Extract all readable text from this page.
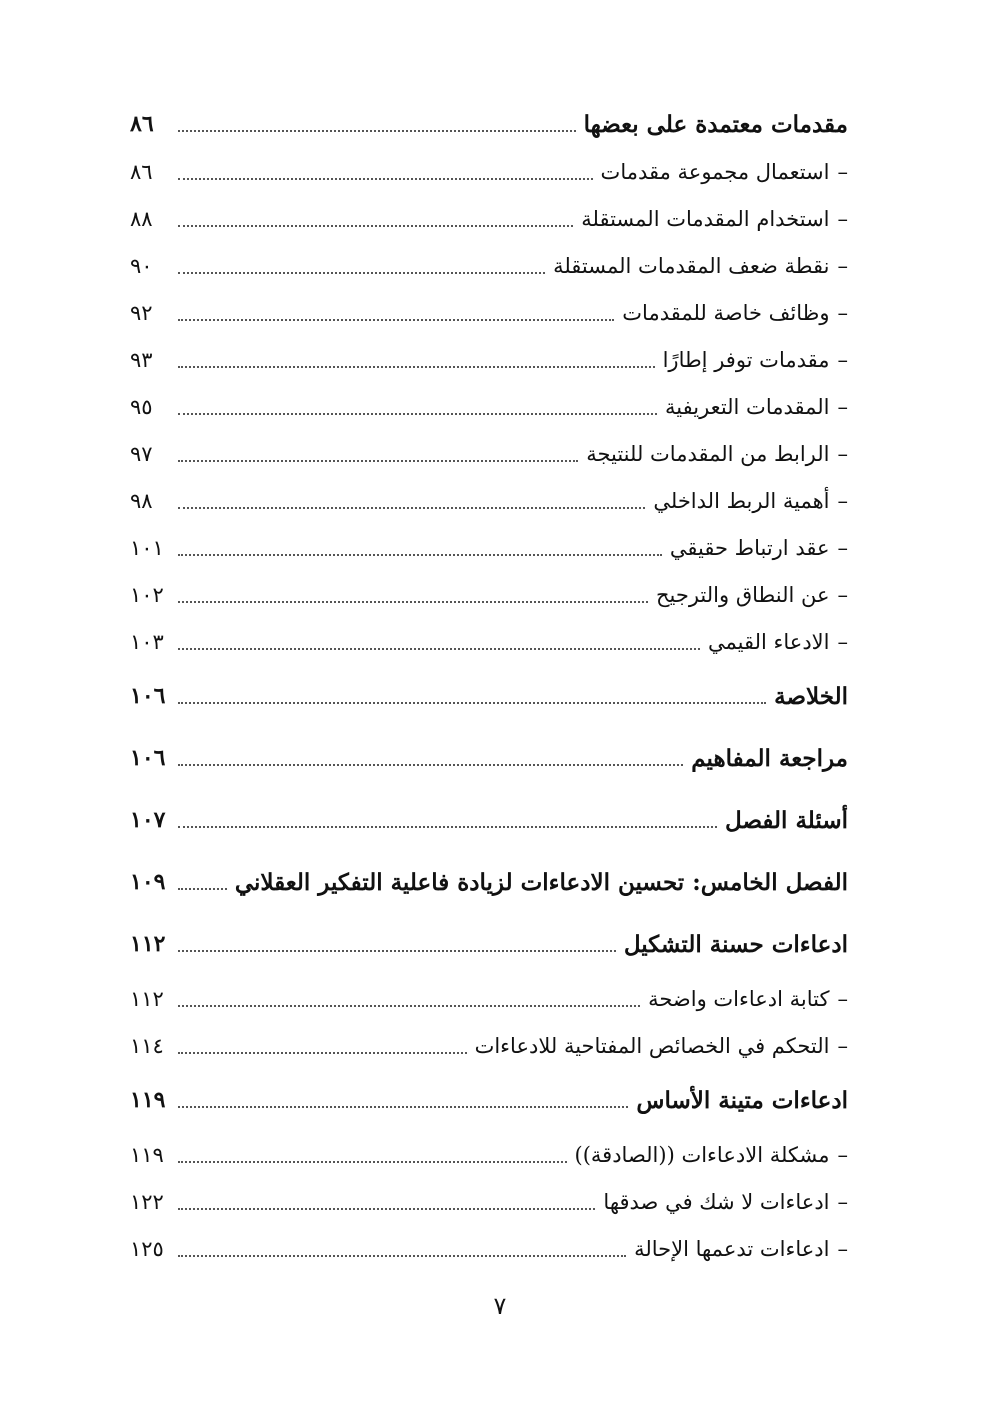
مقدمات معتمدة على بعضها
٨٦
–استعمال مجموعة مقدمات
٨٦
–استخدام المقدمات المستقلة
٨٨
–نقطة ضعف المقدمات المستقلة
٩٠
–وظائف خاصة للمقدمات
٩٢
–مقدمات توفر إطارًا
٩٣
–المقدمات التعريفية
٩٥
–الرابط من المقدمات للنتيجة
٩٧
–أهمية الربط الداخلي
٩٨
–عقد ارتباط حقيقي
١٠١
–عن النطاق والترجيح
١٠٢
–الادعاء القيمي
١٠٣
الخلاصة
١٠٦
مراجعة المفاهيم
١٠٦
أسئلة الفصل
١٠٧
الفصل الخامس: تحسين الادعاءات لزيادة فاعلية التفكير العقلاني
١٠٩
ادعاءات حسنة التشكيل
١١٢
–كتابة ادعاءات واضحة
١١٢
–التحكم في الخصائص المفتاحية للادعاءات
١١٤
ادعاءات متينة الأساس
١١٩
–مشكلة الادعاءات ((الصادقة))
١١٩
–ادعاءات لا شك في صدقها
١٢٢
–ادعاءات تدعمها الإحالة
١٢٥
٧
